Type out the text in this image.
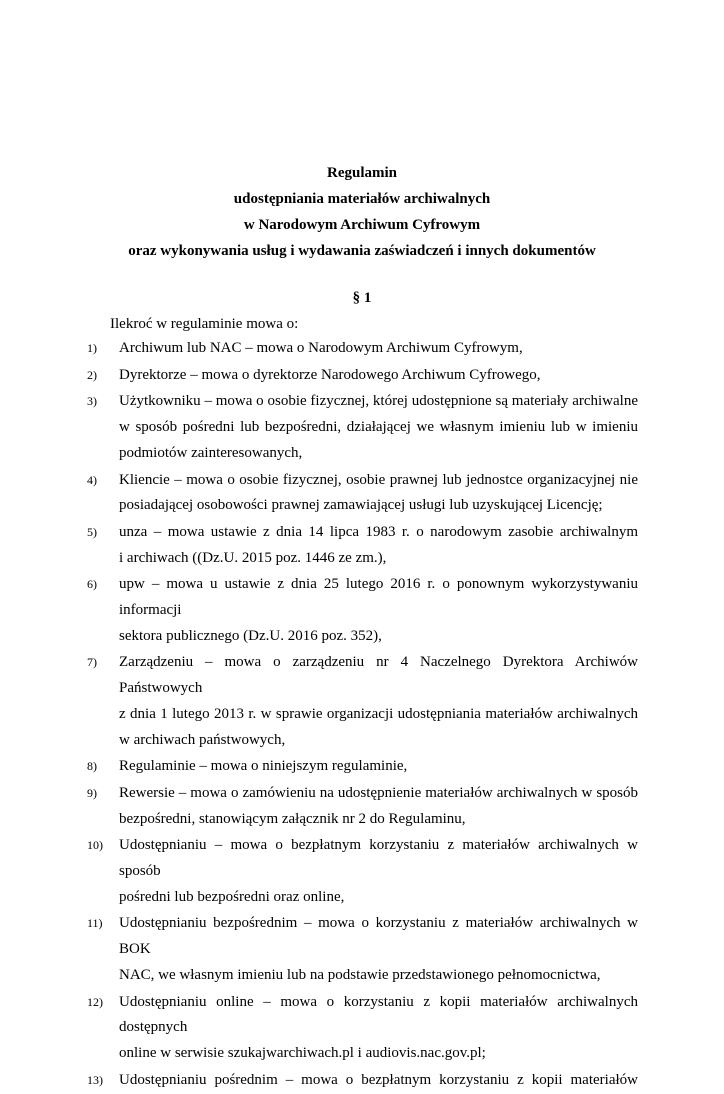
Regulamin
udostępniania materiałów archiwalnych
w Narodowym Archiwum Cyfrowym
oraz wykonywania usług i wydawania zaświadczeń i innych dokumentów
§ 1
Ilekroć w regulaminie mowa o:
1) Archiwum lub NAC – mowa o Narodowym Archiwum Cyfrowym,
2) Dyrektorze – mowa o dyrektorze Narodowego Archiwum Cyfrowego,
3) Użytkowniku – mowa o osobie fizycznej, której udostępnione są materiały archiwalne
w sposób pośredni lub bezpośredni, działającej we własnym imieniu lub w imieniu
podmiotów zainteresowanych,
4) Kliencie – mowa o osobie fizycznej, osobie prawnej lub jednostce organizacyjnej nie
posiadającej osobowości prawnej zamawiającej usługi lub uzyskującej Licencję;
5) unza – mowa ustawie z dnia 14 lipca 1983 r. o narodowym zasobie archiwalnym
i archiwach ((Dz.U. 2015 poz. 1446 ze zm.),
6) upw – mowa u ustawie z dnia 25 lutego 2016 r. o ponownym wykorzystywaniu informacji
sektora publicznego (Dz.U. 2016 poz. 352),
7) Zarządzeniu – mowa o zarządzeniu nr 4 Naczelnego Dyrektora Archiwów Państwowych
z dnia 1 lutego 2013 r. w sprawie organizacji udostępniania materiałów archiwalnych
w archiwach państwowych,
8) Regulaminie – mowa o niniejszym regulaminie,
9) Rewersie – mowa o zamówieniu na udostępnienie materiałów archiwalnych w sposób
bezpośredni, stanowiącym załącznik nr 2 do Regulaminu,
10) Udostępnianiu – mowa o bezpłatnym korzystaniu z materiałów archiwalnych w sposób
pośredni lub bezpośredni oraz online,
11) Udostępnianiu bezpośrednim – mowa o korzystaniu z materiałów archiwalnych w BOK
NAC, we własnym imieniu lub na podstawie przedstawionego pełnomocnictwa,
12) Udostępnianiu online – mowa o korzystaniu z kopii materiałów archiwalnych dostępnych
online w serwisie szukajwarchiwach.pl i audiovis.nac.gov.pl;
13) Udostępnianiu pośrednim – mowa o bezpłatnym korzystaniu z kopii materiałów
